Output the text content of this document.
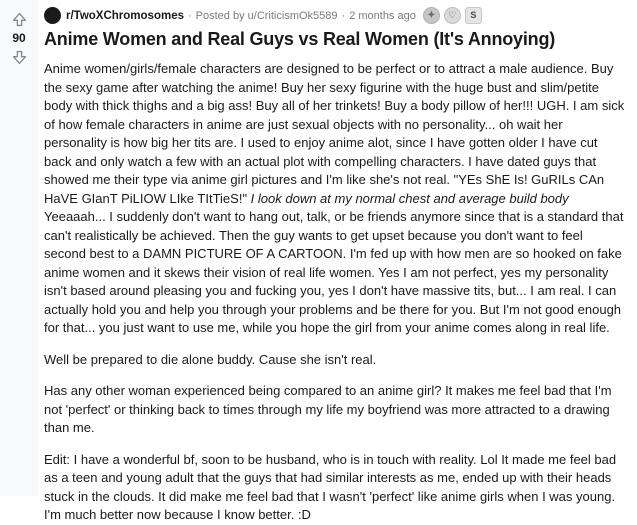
90
r/TwoXChromosomes · Posted by u/CriticismOk5589 · 2 months ago	✦	♡	S
Anime Women and Real Guys vs Real Women (It's Annoying)

Anime women/girls/female characters are designed to be perfect or to attract a male audience. Buy the sexy game after watching the anime! Buy her sexy figurine with the huge bust and slim/petite body with thick thighs and a big ass! Buy all of her trinkets! Buy a body pillow of her!!! UGH. I am sick of how female characters in anime are just sexual objects with no personality... oh wait her personality is how big her tits are. I used to enjoy anime alot, since I have gotten older I have cut back and only watch a few with an actual plot with compelling characters. I have dated guys that showed me their type via anime girl pictures and I'm like she's not real. "YEs ShE Is! GuRILs CAn HaVE GIanT PiLIOW LIke TItTieS!" I look down at my normal chest and average build body Yeeaaah... I suddenly don't want to hang out, talk, or be friends anymore since that is a standard that can't realistically be achieved. Then the guy wants to get upset because you don't want to feel second best to a DAMN PICTURE OF A CARTOON. I'm fed up with how men are so hooked on fake anime women and it skews their vision of real life women. Yes I am not perfect, yes my personality isn't based around pleasing you and fucking you, yes I don't have massive tits, but... I am real. I can actually hold you and help you through your problems and be there for you. But I'm not good enough for that... you just want to use me, while you hope the girl from your anime comes along in real life.

Well be prepared to die alone buddy. Cause she isn't real.

Has any other woman experienced being compared to an anime girl? It makes me feel bad that I'm not 'perfect' or thinking back to times through my life my boyfriend was more attracted to a drawing than me.

Edit: I have a wonderful bf, soon to be husband, who is in touch with reality. Lol It made me feel bad as a teen and young adult that the guys that had similar interests as me, ended up with their heads stuck in the clouds. It did make me feel bad that I wasn't 'perfect' like anime girls when I was young. I'm much better now because I know better. :D
